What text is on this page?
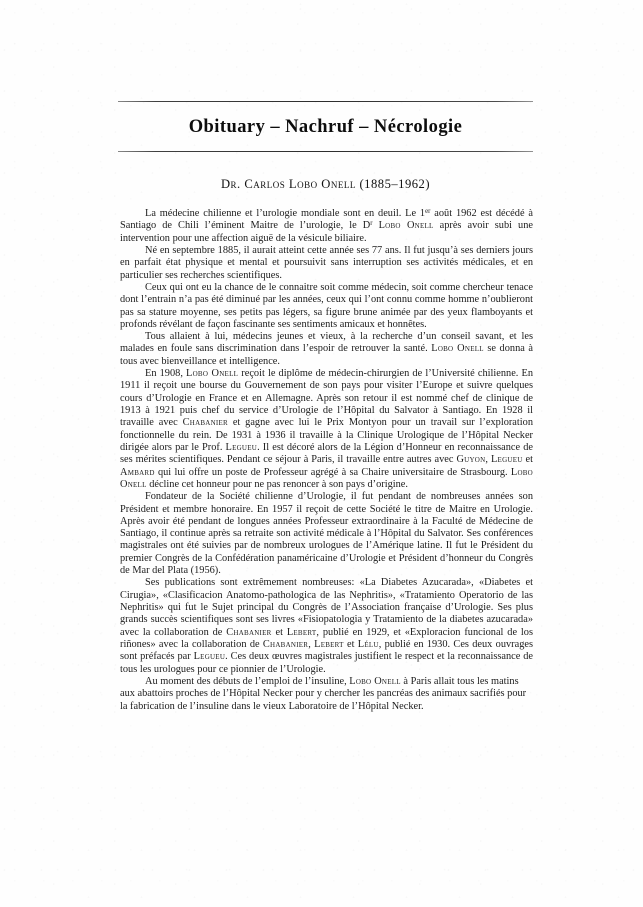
Obituary – Nachruf – Nécrologie
Dr. Carlos Lobo Onell (1885–1962)

La médecine chilienne et l’urologie mondiale sont en deuil. Le 1er août 1962 est décédé à Santiago de Chili l’éminent Maitre de l’urologie, le $D^r$ Lobo Onell après avoir subi une intervention pour une affection aiguë de la vésicule biliaire.

Né en septembre 1885, il aurait atteint cette année ses 77 ans. Il fut jusqu’à ses derniers jours en parfait état physique et mental et poursuivit sans interruption ses activités médicales, et en particulier ses recherches scientifiques.

Ceux qui ont eu la chance de le connaitre soit comme médecin, soit comme chercheur tenace dont l’entrain n’a pas été diminué par les années, ceux qui l’ont connu comme homme n’oublieront pas sa stature moyenne, ses petits pas légers, sa figure brune animée par des yeux flamboyants et profonds révélant de façon fascinante ses sentiments amicaux et honnêtes.

Tous allaient à lui, médecins jeunes et vieux, à la recherche d’un conseil savant, et les malades en foule sans discrimination dans l’espoir de retrouver la santé. Lobo Onell se donna à tous avec bienveillance et intelligence.

En 1908, Lobo Onell reçoit le diplôme de médecin-chirurgien de l’Université chilienne. En 1911 il reçoit une bourse du Gouvernement de son pays pour visiter l’Europe et suivre quelques cours d’Urologie en France et en Allemagne. Après son retour il est nommé chef de clinique de 1913 à 1921 puis chef du service d’Urologie de l’Hôpital du Salvator à Santiago. En 1928 il travaille avec Chabanier et gagne avec lui le Prix Montyon pour un travail sur l’exploration fonctionnelle du rein. De 1931 à 1936 il travaille à la Clinique Urologique de l’Hôpital Necker dirigée alors par le Prof. Legueu. Il est décoré alors de la Légion d’Honneur en reconnaissance de ses mérites scientifiques. Pendant ce séjour à Paris, il travaille entre autres avec Guyon, Legueu et Ambard qui lui offre un poste de Professeur agrégé à sa Chaire universitaire de Strasbourg. Lobo Onell décline cet honneur pour ne pas renoncer à son pays d’origine.

Fondateur de la Société chilienne d’Urologie, il fut pendant de nombreuses années son Président et membre honoraire. En 1957 il reçoit de cette Société le titre de Maitre en Urologie. Après avoir été pendant de longues années Professeur extraordinaire à la Faculté de Médecine de Santiago, il continue après sa retraite son activité médicale à l’Hôpital du Salvator. Ses conférences magistrales ont été suivies par de nombreux urologues de l’Amérique latine. Il fut le Président du premier Congrès de la Confédération panaméricaine d’Urologie et Président d’honneur du Congrès de Mar del Plata (1956).

Ses publications sont extrêmement nombreuses: «La Diabetes Azucarada», «Diabetes et Cirugia», «Clasificacion Anatomo-pathologica de las Nephritis», «Tratamiento Operatorio de las Nephritis» qui fut le Sujet principal du Congrès de l’Association française d’Urologie. Ses plus grands succès scientifiques sont ses livres «Fisiopatologia y Tratamiento de la diabetes azucarada» avec la collaboration de Chabanier et Lebert, publié en 1929, et «Exploracion funcional de los riñones» avec la collaboration de Chabanier, Lebert et Lélu, publié en 1930. Ces deux ouvrages sont préfacés par Legueu. Ces deux œuvres magistrales justifient le respect et la reconnaissance de tous les urologues pour ce pionnier de l’Urologie.

Au moment des débuts de l’emploi de l’insuline, Lobo Onell à Paris allait tous les matins aux abattoirs proches de l’Hôpital Necker pour y chercher les pancréas des animaux sacrifiés pour la fabrication de l’insuline dans le vieux Laboratoire de l’Hôpital Necker.
